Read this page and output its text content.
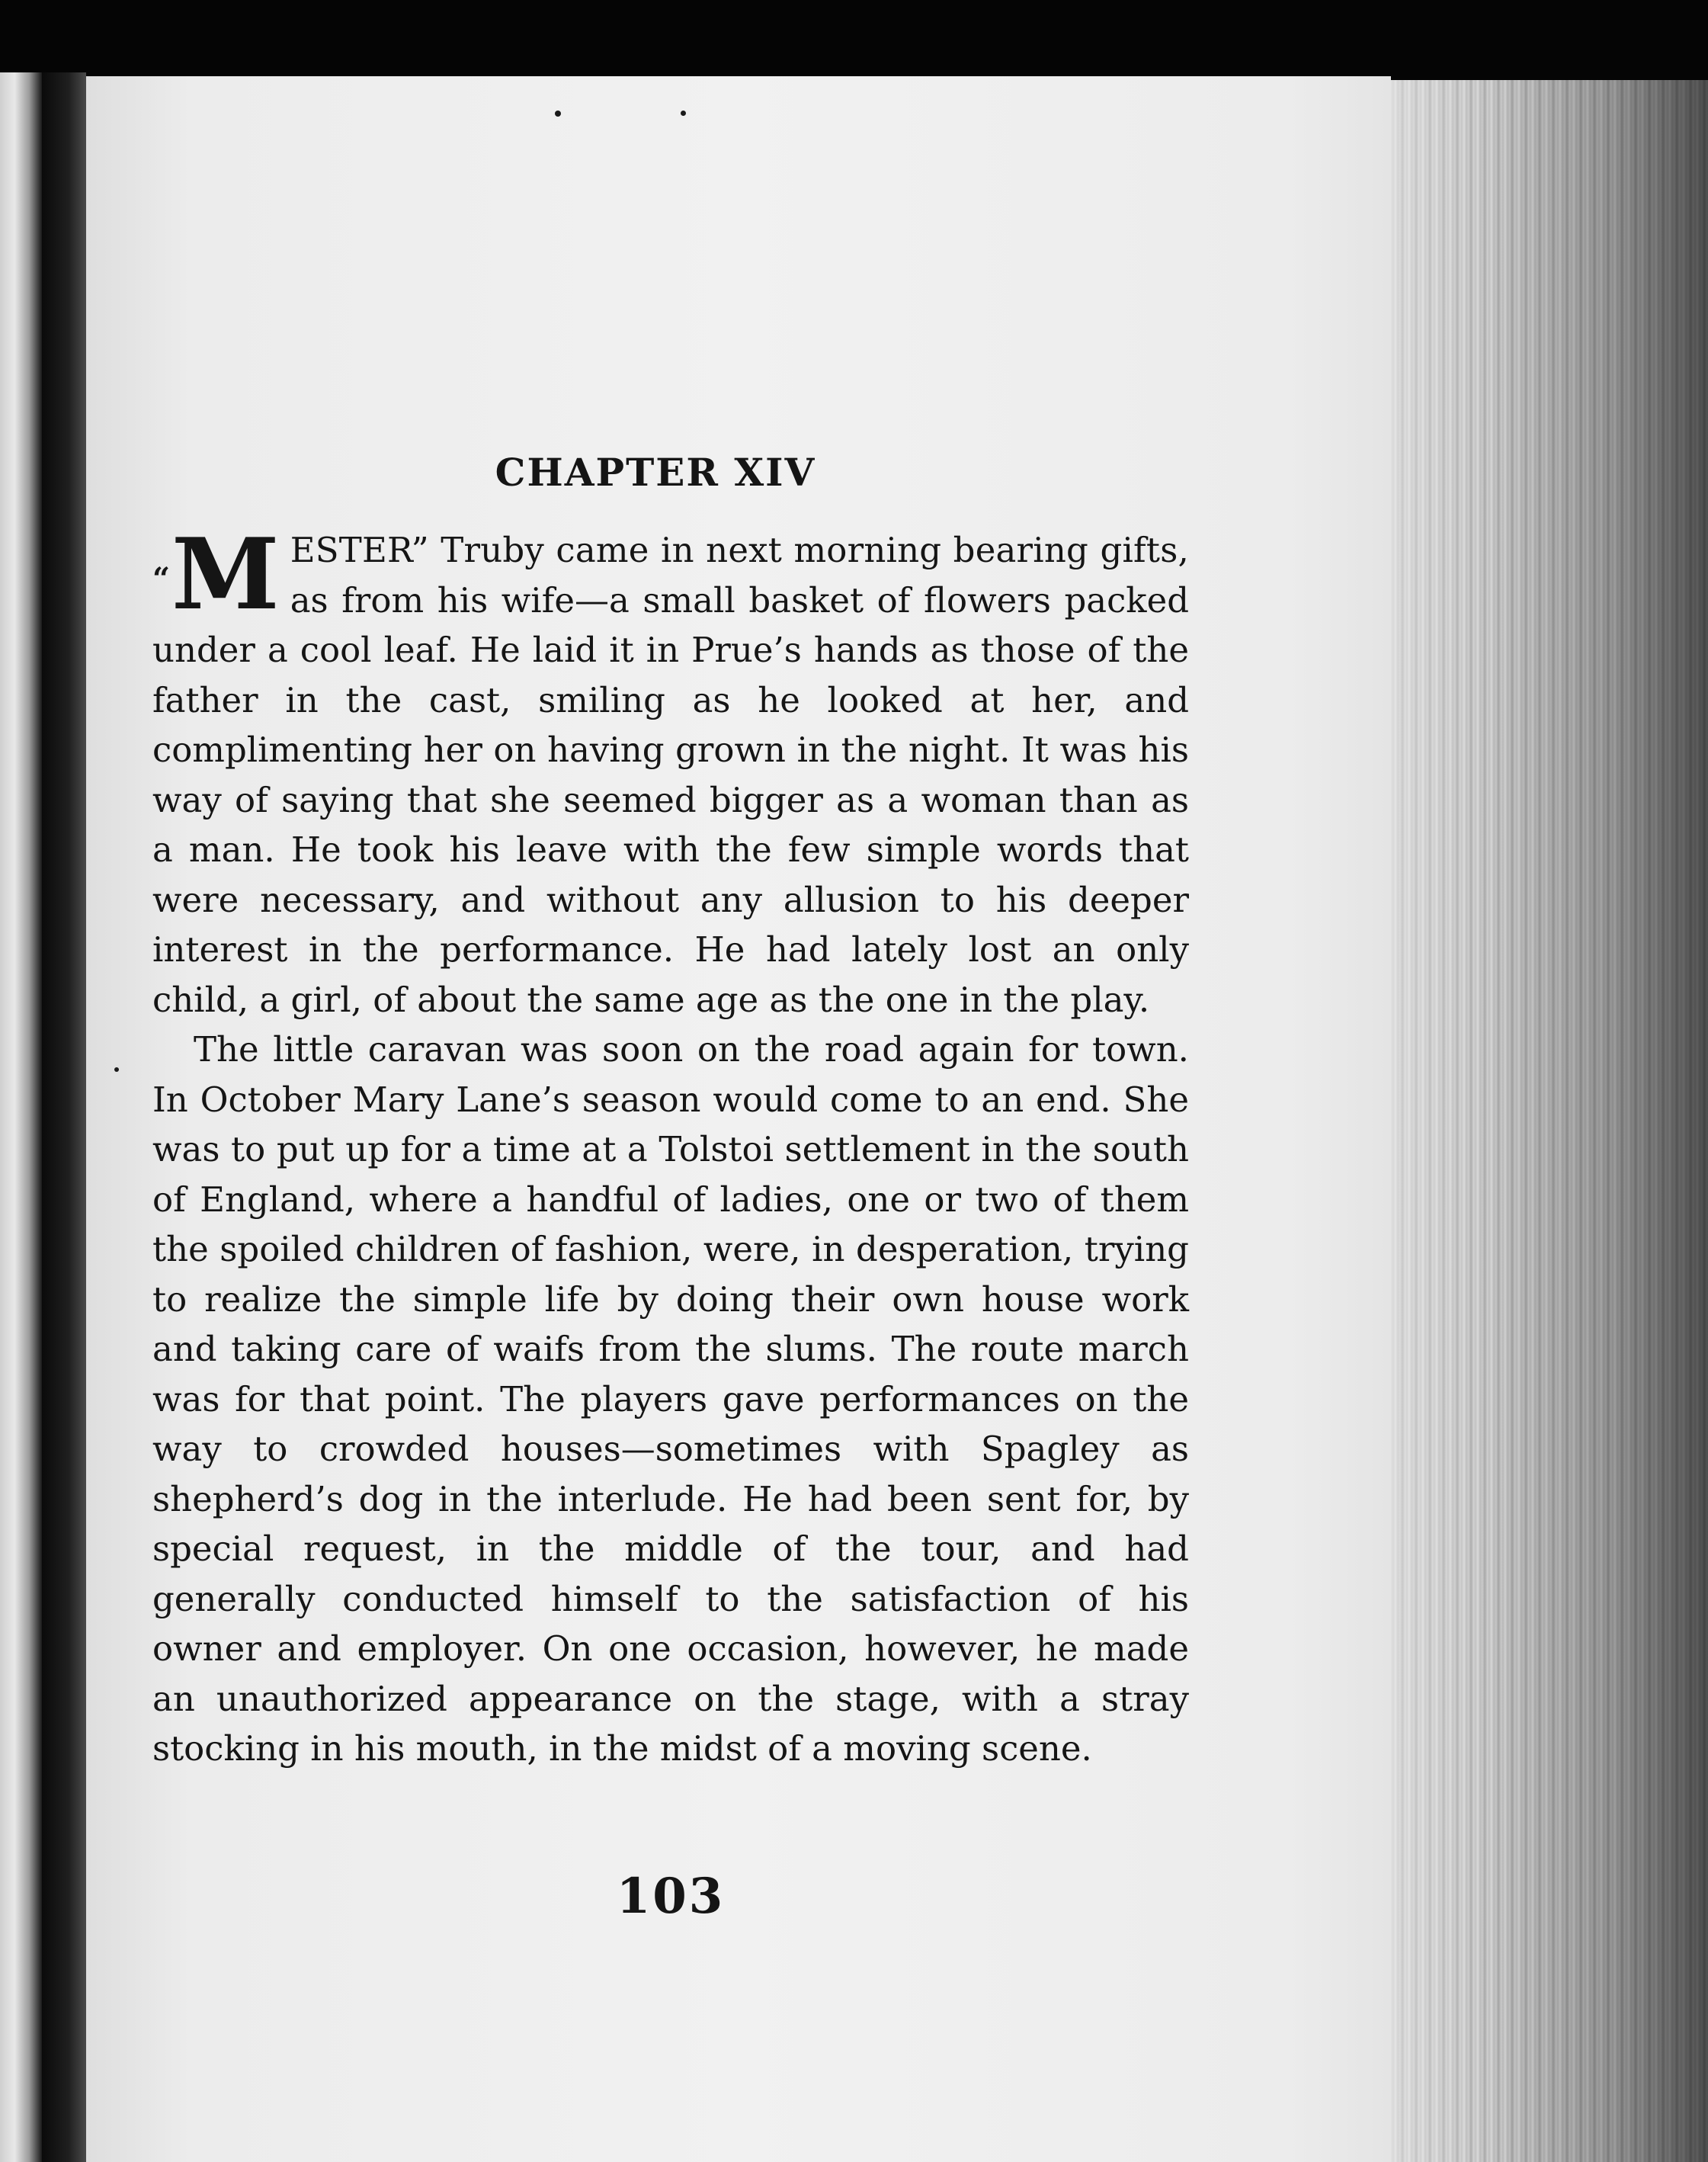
CHAPTER XIV

“M ESTER” Truby came in next morning bearing gifts, as from his wife—a small basket of flowers packed under a cool leaf. He laid it in Prue’s hands as those of the father in the cast, smiling as he looked at her, and complimenting her on having grown in the night. It was his way of saying that she seemed bigger as a woman than as a man. He took his leave with the few simple words that were necessary, and without any allusion to his deeper interest in the performance. He had lately lost an only child, a girl, of about the same age as the one in the play.

The little caravan was soon on the road again for town. In October Mary Lane’s season would come to an end. She was to put up for a time at a Tolstoi settlement in the south of England, where a handful of ladies, one or two of them the spoiled children of fashion, were, in desperation, trying to realize the simple life by doing their own house work and taking care of waifs from the slums. The route march was for that point. The players gave performances on the way to crowded houses—sometimes with Spagley as shepherd’s dog in the interlude. He had been sent for, by special request, in the middle of the tour, and had generally conducted himself to the satisfaction of his owner and employer. On one occasion, however, he made an unauthorized appearance on the stage, with a stray stocking in his mouth, in the midst of a moving scene.

103
